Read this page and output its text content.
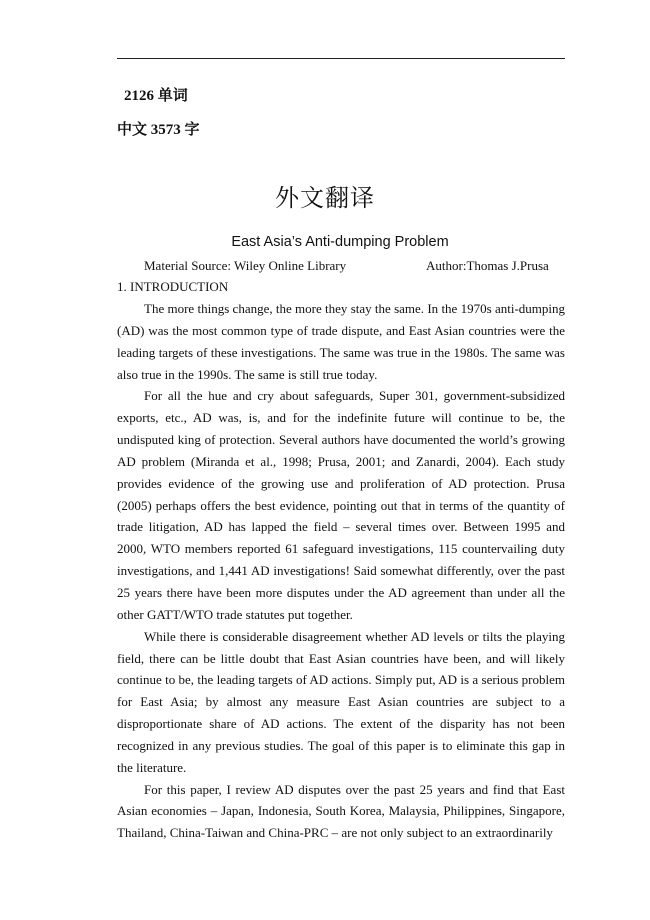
2126 单词
中文 3573 字
外文翻译
East Asia’s Anti-dumping Problem
Material Source: Wiley Online Library	Author:Thomas J.Prusa
1. INTRODUCTION

The more things change, the more they stay the same. In the 1970s anti-dumping (AD) was the most common type of trade dispute, and East Asian countries were the leading targets of these investigations. The same was true in the 1980s. The same was also true in the 1990s. The same is still true today.

For all the hue and cry about safeguards, Super 301, government-subsidized exports, etc., AD was, is, and for the indefinite future will continue to be, the undisputed king of protection. Several authors have documented the world’s growing AD problem (Miranda et al., 1998; Prusa, 2001; and Zanardi, 2004). Each study provides evidence of the growing use and proliferation of AD protection. Prusa (2005) perhaps offers the best evidence, pointing out that in terms of the quantity of trade litigation, AD has lapped the field – several times over. Between 1995 and 2000, WTO members reported 61 safeguard investigations, 115 countervailing duty investigations, and 1,441 AD investigations! Said somewhat differently, over the past 25 years there have been more disputes under the AD agreement than under all the other GATT/WTO trade statutes put together.

While there is considerable disagreement whether AD levels or tilts the playing field, there can be little doubt that East Asian countries have been, and will likely continue to be, the leading targets of AD actions. Simply put, AD is a serious problem for East Asia; by almost any measure East Asian countries are subject to a disproportionate share of AD actions. The extent of the disparity has not been recognized in any previous studies. The goal of this paper is to eliminate this gap in the literature.

For this paper, I review AD disputes over the past 25 years and find that East Asian economies – Japan, Indonesia, South Korea, Malaysia, Philippines, Singapore, Thailand, China-Taiwan and China-PRC – are not only subject to an extraordinarily
